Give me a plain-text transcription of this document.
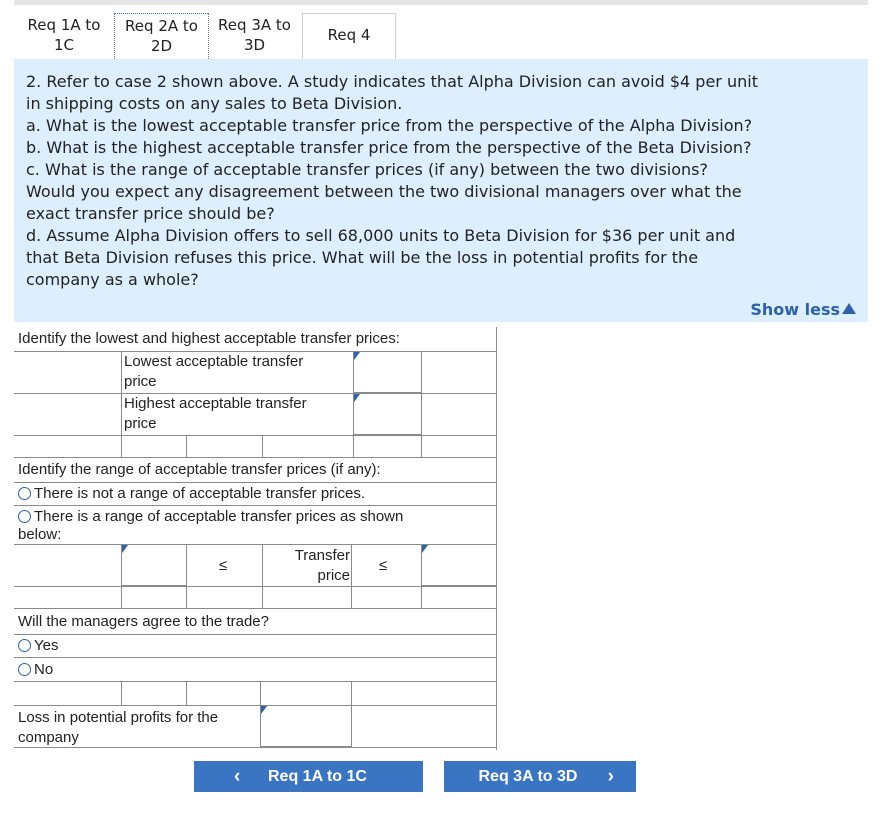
Req 1A to
1C
Req 2A to
2D
Req 3A to
3D
Req 4
2. Refer to case 2 shown above. A study indicates that Alpha Division can avoid $4 per unit
in shipping costs on any sales to Beta Division.
a. What is the lowest acceptable transfer price from the perspective of the Alpha Division?
b. What is the highest acceptable transfer price from the perspective of the Beta Division?
c. What is the range of acceptable transfer prices (if any) between the two divisions?
Would you expect any disagreement between the two divisional managers over what the
exact transfer price should be?
d. Assume Alpha Division offers to sell 68,000 units to Beta Division for $36 per unit and
that Beta Division refuses this price. What will be the loss in potential profits for the
company as a whole?
Show less
Identify the lowest and highest acceptable transfer prices:
Lowest acceptable transfer
price
Highest acceptable transfer
price
Identify the range of acceptable transfer prices (if any):
There is not a range of acceptable transfer prices.
There is a range of acceptable transfer prices as shown
below:
≤
Transfer
price
≤
Will the managers agree to the trade?
Yes
No
Loss in potential profits for the
company
‹ Req 1A to 1C	Req 3A to 3D ›
